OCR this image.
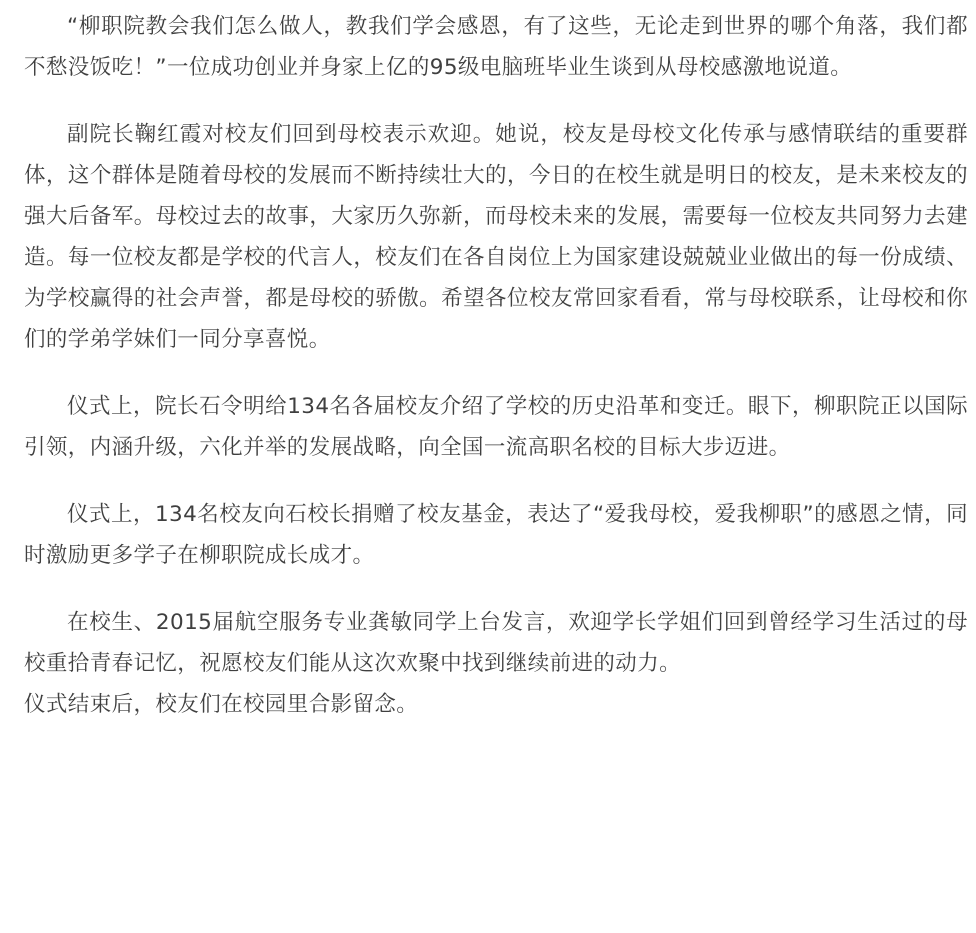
“柳职院教会我们怎么做人，教我们学会感恩，有了这些，无论走到世界的哪个角落，我们都不愁没饭吃！”一位成功创业并身家上亿的95级电脑班毕业生谈到从母校感激地说道。

副院长鞠红霞对校友们回到母校表示欢迎。她说，校友是母校文化传承与感情联结的重要群体，这个群体是随着母校的发展而不断持续壮大的，今日的在校生就是明日的校友，是未来校友的强大后备军。母校过去的故事，大家历久弥新，而母校未来的发展，需要每一位校友共同努力去建造。每一位校友都是学校的代言人，校友们在各自岗位上为国家建设兢兢业业做出的每一份成绩、为学校赢得的社会声誉，都是母校的骄傲。希望各位校友常回家看看，常与母校联系，让母校和你们的学弟学妹们一同分享喜悦。

仪式上，院长石令明给134名各届校友介绍了学校的历史沿革和变迁。眼下，柳职院正以国际引领，内涵升级，六化并举的发展战略，向全国一流高职名校的目标大步迈进。

仪式上，134名校友向石校长捐赠了校友基金，表达了“爱我母校，爱我柳职”的感恩之情，同时激励更多学子在柳职院成长成才。

在校生、2015届航空服务专业龚敏同学上台发言，欢迎学长学姐们回到曾经学习生活过的母校重拾青春记忆，祝愿校友们能从这次欢聚中找到继续前进的动力。

仪式结束后，校友们在校园里合影留念。
